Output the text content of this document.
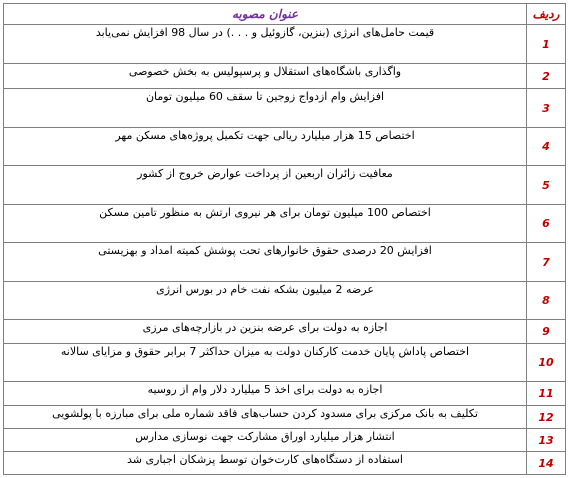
ردیف	عنوان مصوبه
1	قیمت حامل‌های انرژی (بنزین، گازوئیل و . . .) در سال 98 افزایش نمی‌یابد
2	واگذاری باشگاه‌های استقلال و پرسپولیس به بخش خصوصی
3	افزایش وام ازدواج زوجین تا سقف 60 میلیون تومان
4	اختصاص 15 هزار میلیارد ریالی جهت تکمیل پروژه‌های مسکن مهر
5	معافیت زائران اربعین از پرداخت عوارض خروج از کشور
6	اختصاص 100 میلیون تومان برای هر نیروی ارتش به منظور تامین مسکن
7	افزایش 20 درصدی حقوق خانوارهای تحت پوشش کمیته امداد و بهزیستی
8	عرضه 2 میلیون بشکه نفت خام در بورس انرژی
9	اجازه به دولت برای عرضه بنزین در بازارچه‌های مرزی
10	اختصاص پاداش پایان خدمت کارکنان دولت به میزان حداکثر 7 برابر حقوق و مزایای سالانه
11	اجازه به دولت برای اخذ 5 میلیارد دلار وام از روسیه
12	تکلیف به بانک مرکزی برای مسدود کردن حساب‌های فاقد شماره ملی برای مبارزه با پولشویی
13	انتشار هزار میلیارد اوراق مشارکت جهت نوسازی مدارس
14	استفاده از دستگاه‌های کارت‌خوان توسط پزشکان اجباری شد
